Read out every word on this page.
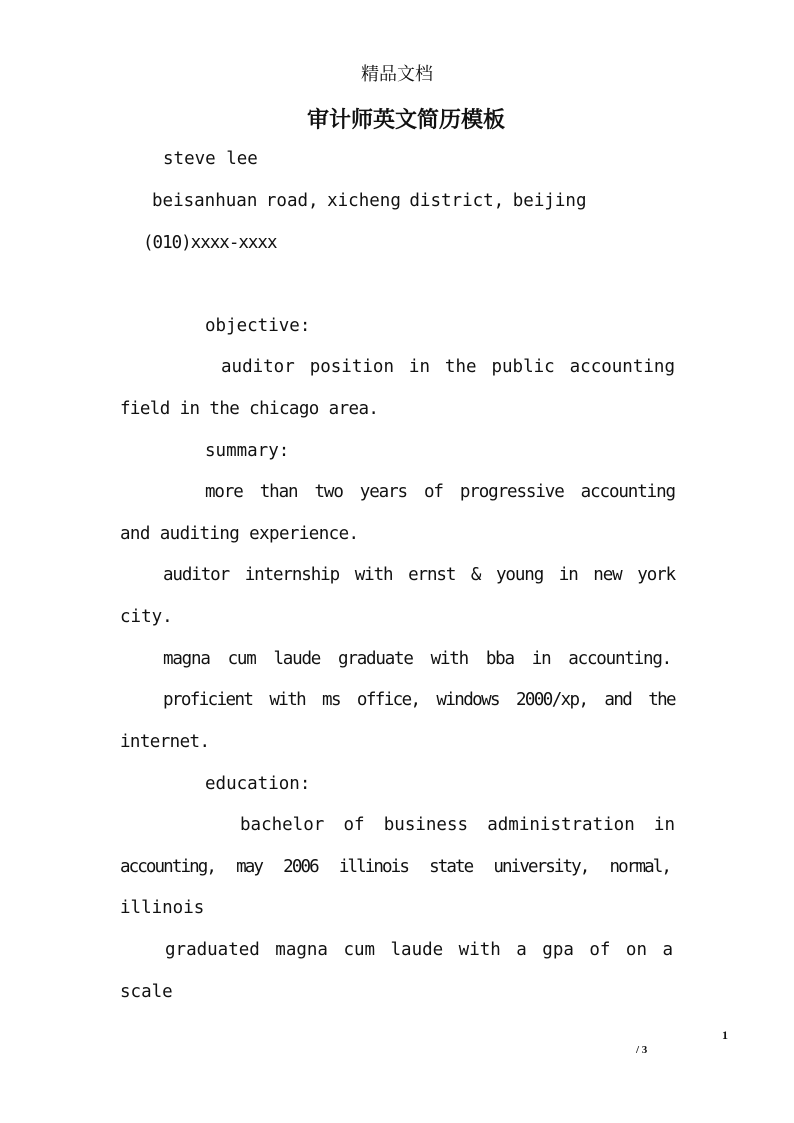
精品文档
审计师英文简历模板
steve lee
beisanhuan road, xicheng district, beijing
(010)xxxx-xxxx
objective:
auditor position in the public accounting
field in the chicago area.
summary:
more than two years of progressive accounting
and auditing experience.
auditor internship with ernst & young in new york
city.
magna cum laude graduate with bba in accounting.
proficient with ms office, windows 2000/xp, and the
internet.
education:
bachelor of business administration in
accounting, may 2006 illinois state university, normal,
illinois
graduated magna cum laude with a gpa of on a
scale
1
/ 3
